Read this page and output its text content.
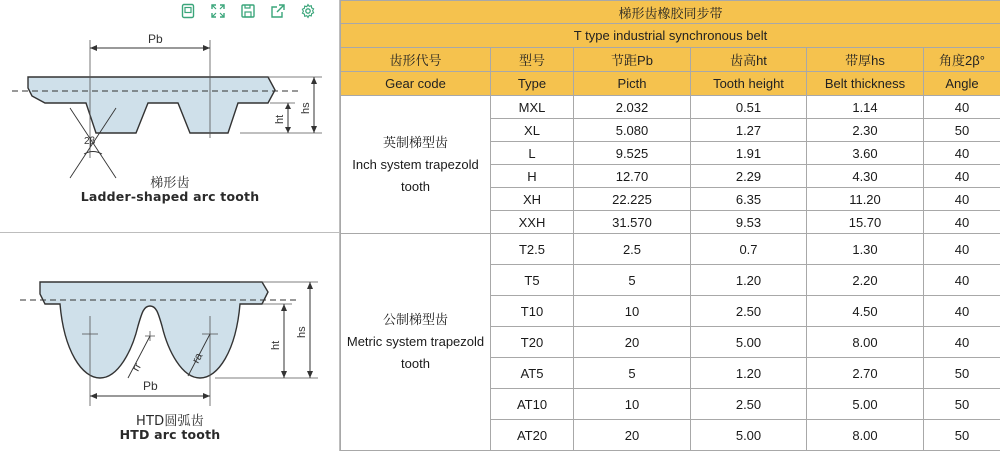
Pb
2β
hs
ht
梯形齿
Ladder-shaped arc tooth
rr
ra
Pb
hs
ht
HTD圆弧齿
HTD arc tooth
梯形齿橡胶同步带					
T type industrial synchronous belt					
齿形代号	型号	节距Pb	齿高ht	带厚hs	角度2β°
Gear code	Type	Picth	Tooth height	Belt thickness	Angle

英制梯型齿
Inch system trapezold
tooth	MXL	2.032	0.51	1.14	40
	XL	5.080	1.27	2.30	50
	L	9.525	1.91	3.60	40
	H	12.70	2.29	4.30	40
	XH	22.225	6.35	11.20	40
	XXH	31.570	9.53	15.70	40

公制梯型齿
Metric system trapezold
tooth	T2.5	2.5	0.7	1.30	40
	T5	5	1.20	2.20	40
	T10	10	2.50	4.50	40
	T20	20	5.00	8.00	40
	AT5	5	1.20	2.70	50
	AT10	10	2.50	5.00	50
	AT20	20	5.00	8.00	50
